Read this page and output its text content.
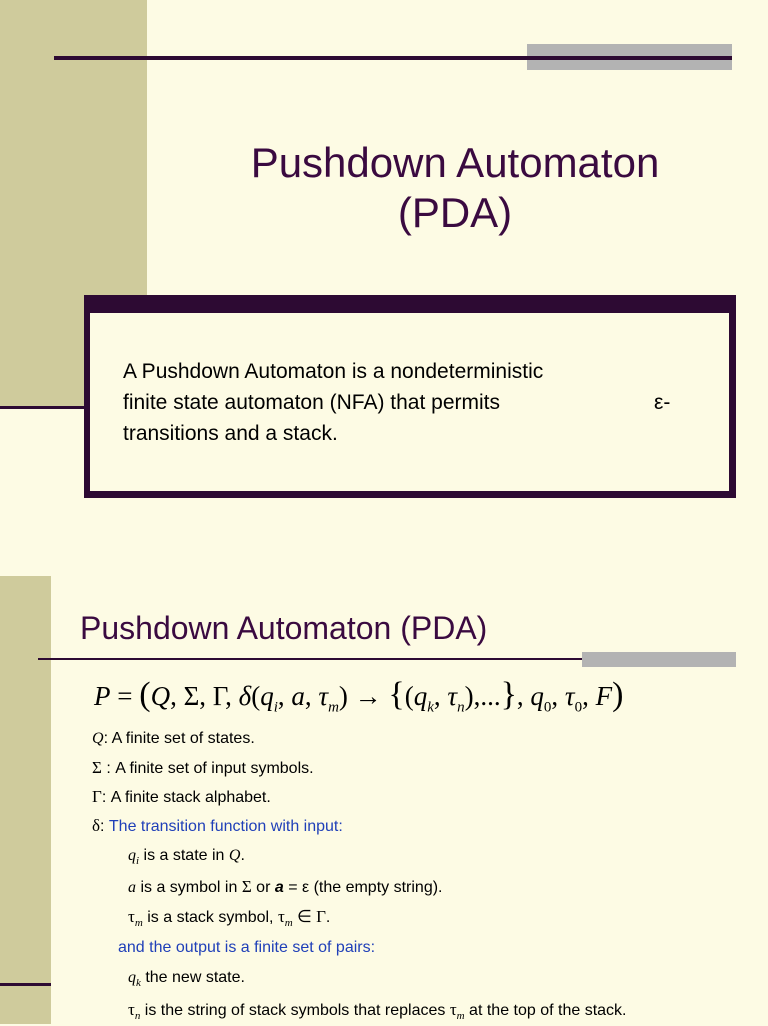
Pushdown Automaton
(PDA)
A Pushdown Automaton is a nondeterministic
finite state automaton (NFA) that permits	ε-
transitions and a stack.
Pushdown Automaton (PDA)
P = (Q, Σ, Γ, $\delta(q_i$, a, $\tau_m) \to \{(q_k$, $\tau_n$),...}, $q_0$, $\tau_0$, F)
Q: A finite set of states.
Σ : A finite set of input symbols.
Γ: A finite stack alphabet.
δ: The transition function with input:
$q_i$ is a state in Q.
a is a symbol in Σ or a = ε (the empty string).
$\tau_m$ is a stack symbol, $\tau_m$ ∈ Γ.
and the output is a finite set of pairs:
$q_k$ the new state.
$\tau_n$ is the string of stack symbols that replaces $\tau_m$ at the top of the stack.
